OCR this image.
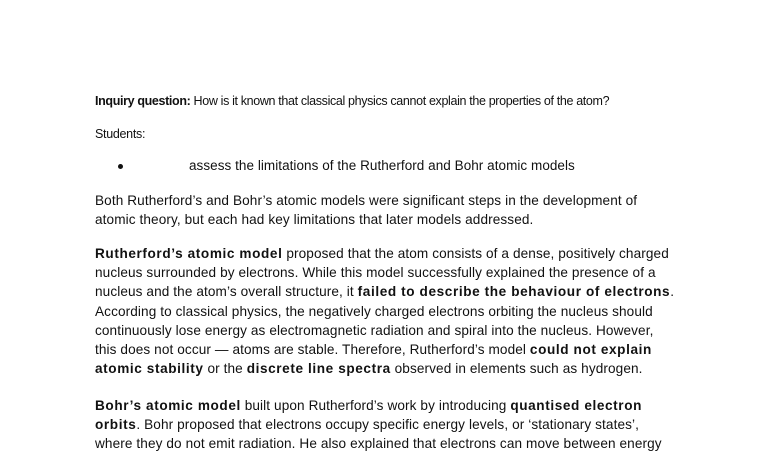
Inquiry question: How is it known that classical physics cannot explain the properties of the atom?
Students:
assess the limitations of the Rutherford and Bohr atomic models
Both Rutherford’s and Bohr’s atomic models were significant steps in the development of
atomic theory, but each had key limitations that later models addressed.
Rutherford’s atomic model proposed that the atom consists of a dense, positively charged
nucleus surrounded by electrons. While this model successfully explained the presence of a
nucleus and the atom’s overall structure, it failed to describe the behaviour of electrons.
According to classical physics, the negatively charged electrons orbiting the nucleus should
continuously lose energy as electromagnetic radiation and spiral into the nucleus. However,
this does not occur — atoms are stable. Therefore, Rutherford’s model could not explain
atomic stability or the discrete line spectra observed in elements such as hydrogen.
Bohr’s atomic model built upon Rutherford’s work by introducing quantised electron
orbits. Bohr proposed that electrons occupy specific energy levels, or ‘stationary states’,
where they do not emit radiation. He also explained that electrons can move between energy
